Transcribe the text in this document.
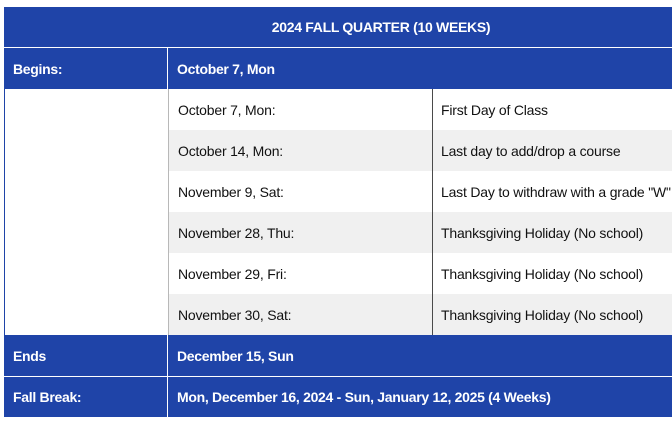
2024 FALL QUARTER (10 WEEKS)
Begins:	October 7, Mon
October 7, Mon:	First Day of Class
October 14, Mon:	Last day to add/drop a course
November 9, Sat:	Last Day to withdraw with a grade "W"
November 28, Thu:	Thanksgiving Holiday (No school)
November 29, Fri:	Thanksgiving Holiday (No school)
November 30, Sat:	Thanksgiving Holiday (No school)
Ends	December 15, Sun
Fall Break:	Mon, December 16, 2024 - Sun, January 12, 2025 (4 Weeks)
